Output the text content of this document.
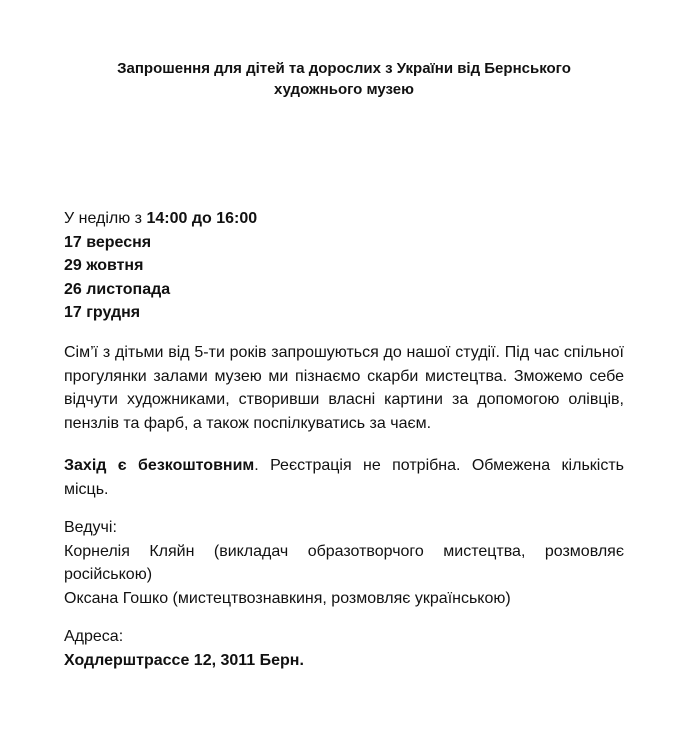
Запрошення для дітей та дорослих з України від Бернського
художнього музею
У неділю з 14:00 до 16:00
17 вересня
29 жовтня
26 листопада
17 грудня
Сім’ї з дітьми від 5-ти років запрошуються до нашої студії. Під час спільної прогулянки залами музею ми пізнаємо скарби мистецтва. Зможемо себе відчути художниками, створивши власні картини за допомогою олівців, пензлів та фарб, а також поспілкуватись за чаєм.
Захід є безкоштовним. Реєстрація не потрібна. Обмежена кількість місць.
Ведучі:
Корнелія Кляйн (викладач образотворчого мистецтва, розмовляє російською)
Оксана Гошко (мистецтвознавкиня, розмовляє українською)
Адреса:
Ходлерштрассе 12, 3011 Берн.
